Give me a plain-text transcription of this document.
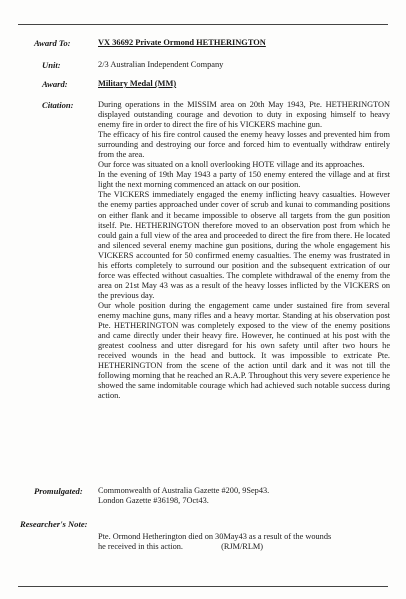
Award To:	VX 36692 Private Ormond HETHERINGTON
Unit:	2/3 Australian Independent Company
Award:	Military Medal (MM)
Citation:	During operations in the MISSIM area on 20th May 1943, Pte. HETHERINGTON displayed outstanding courage and devotion to duty in exposing himself to heavy enemy fire in order to direct the fire of his VICKERS machine gun.

The efficacy of his fire control caused the enemy heavy losses and prevented him from surrounding and destroying our force and forced him to eventually withdraw entirely from the area.

Our force was situated on a knoll overlooking HOTE village and its approaches.

In the evening of 19th May 1943 a party of 150 enemy entered the village and at first light the next morning commenced an attack on our position.

The VICKERS immediately engaged the enemy inflicting heavy casualties. However the enemy parties approached under cover of scrub and kunai to commanding positions on either flank and it became impossible to observe all targets from the gun position itself. Pte. HETHERINGTON therefore moved to an observation post from which he could gain a full view of the area and proceeded to direct the fire from there. He located and silenced several enemy machine gun positions, during the whole engagement his VICKERS accounted for 50 confirmed enemy casualties. The enemy was frustrated in his efforts completely to surround our position and the subsequent extrication of our force was effected without casualties. The complete withdrawal of the enemy from the area on 21st May 43 was as a result of the heavy losses inflicted by the VICKERS on the previous day.

Our whole position during the engagement came under sustained fire from several enemy machine guns, many rifles and a heavy mortar. Standing at his observation post Pte. HETHERINGTON was completely exposed to the view of the enemy positions and came directly under their heavy fire. However, he continued at his post with the greatest coolness and utter disregard for his own safety until after two hours he received wounds in the head and buttock. It was impossible to extricate Pte. HETHERINGTON from the scene of the action until dark and it was not till the following morning that he reached an R.A.P. Throughout this very severe experience he showed the same indomitable courage which had achieved such notable success during action.

Promulgated: Commonwealth of Australia Gazette #200, 9Sep43.
London Gazette #36198, 7Oct43.
Researcher's Note:
Pte. Ormond Hetherington died on 30May43 as a result of the wounds
he received in this action.	(RJM/RLM)
